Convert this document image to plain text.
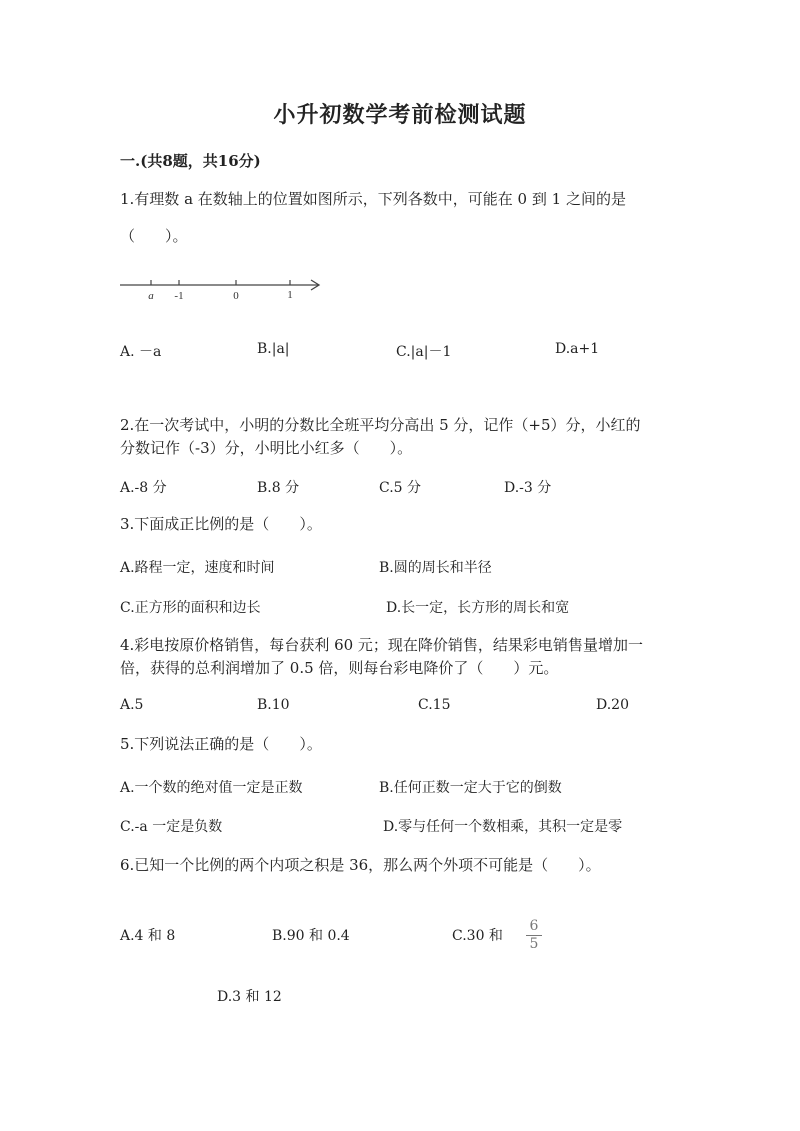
小升初数学考前检测试题
一.(共8题，共16分)
1.有理数 a 在数轴上的位置如图所示，下列各数中，可能在 0 到 1 之间的是
（　　）。
a -1	0	1
A. －a	B.|a|	C.|a|－1	D.a+1
2.在一次考试中，小明的分数比全班平均分高出 5 分，记作（+5）分，小红的
分数记作（-3）分，小明比小红多（　　）。
A.-8 分	B.8 分	C.5 分	D.-3 分
3.下面成正比例的是（　　）。
A.路程一定，速度和时间	B.圆的周长和半径
C.正方形的面积和边长	D.长一定，长方形的周长和宽
4.彩电按原价格销售，每台获利 60 元；现在降价销售，结果彩电销售量增加一
倍，获得的总利润增加了 0.5 倍，则每台彩电降价了（　　）元。
A.5	B.10	C.15	D.20
5.下列说法正确的是（　　）。
A.一个数的绝对值一定是正数	B.任何正数一定大于它的倒数
C.-a 一定是负数	D.零与任何一个数相乘，其积一定是零
6.已知一个比例的两个内项之积是 36，那么两个外项不可能是（　　）。
A.4 和 8	B.90 和 0.4	C.30 和
6
5
D.3 和 12
